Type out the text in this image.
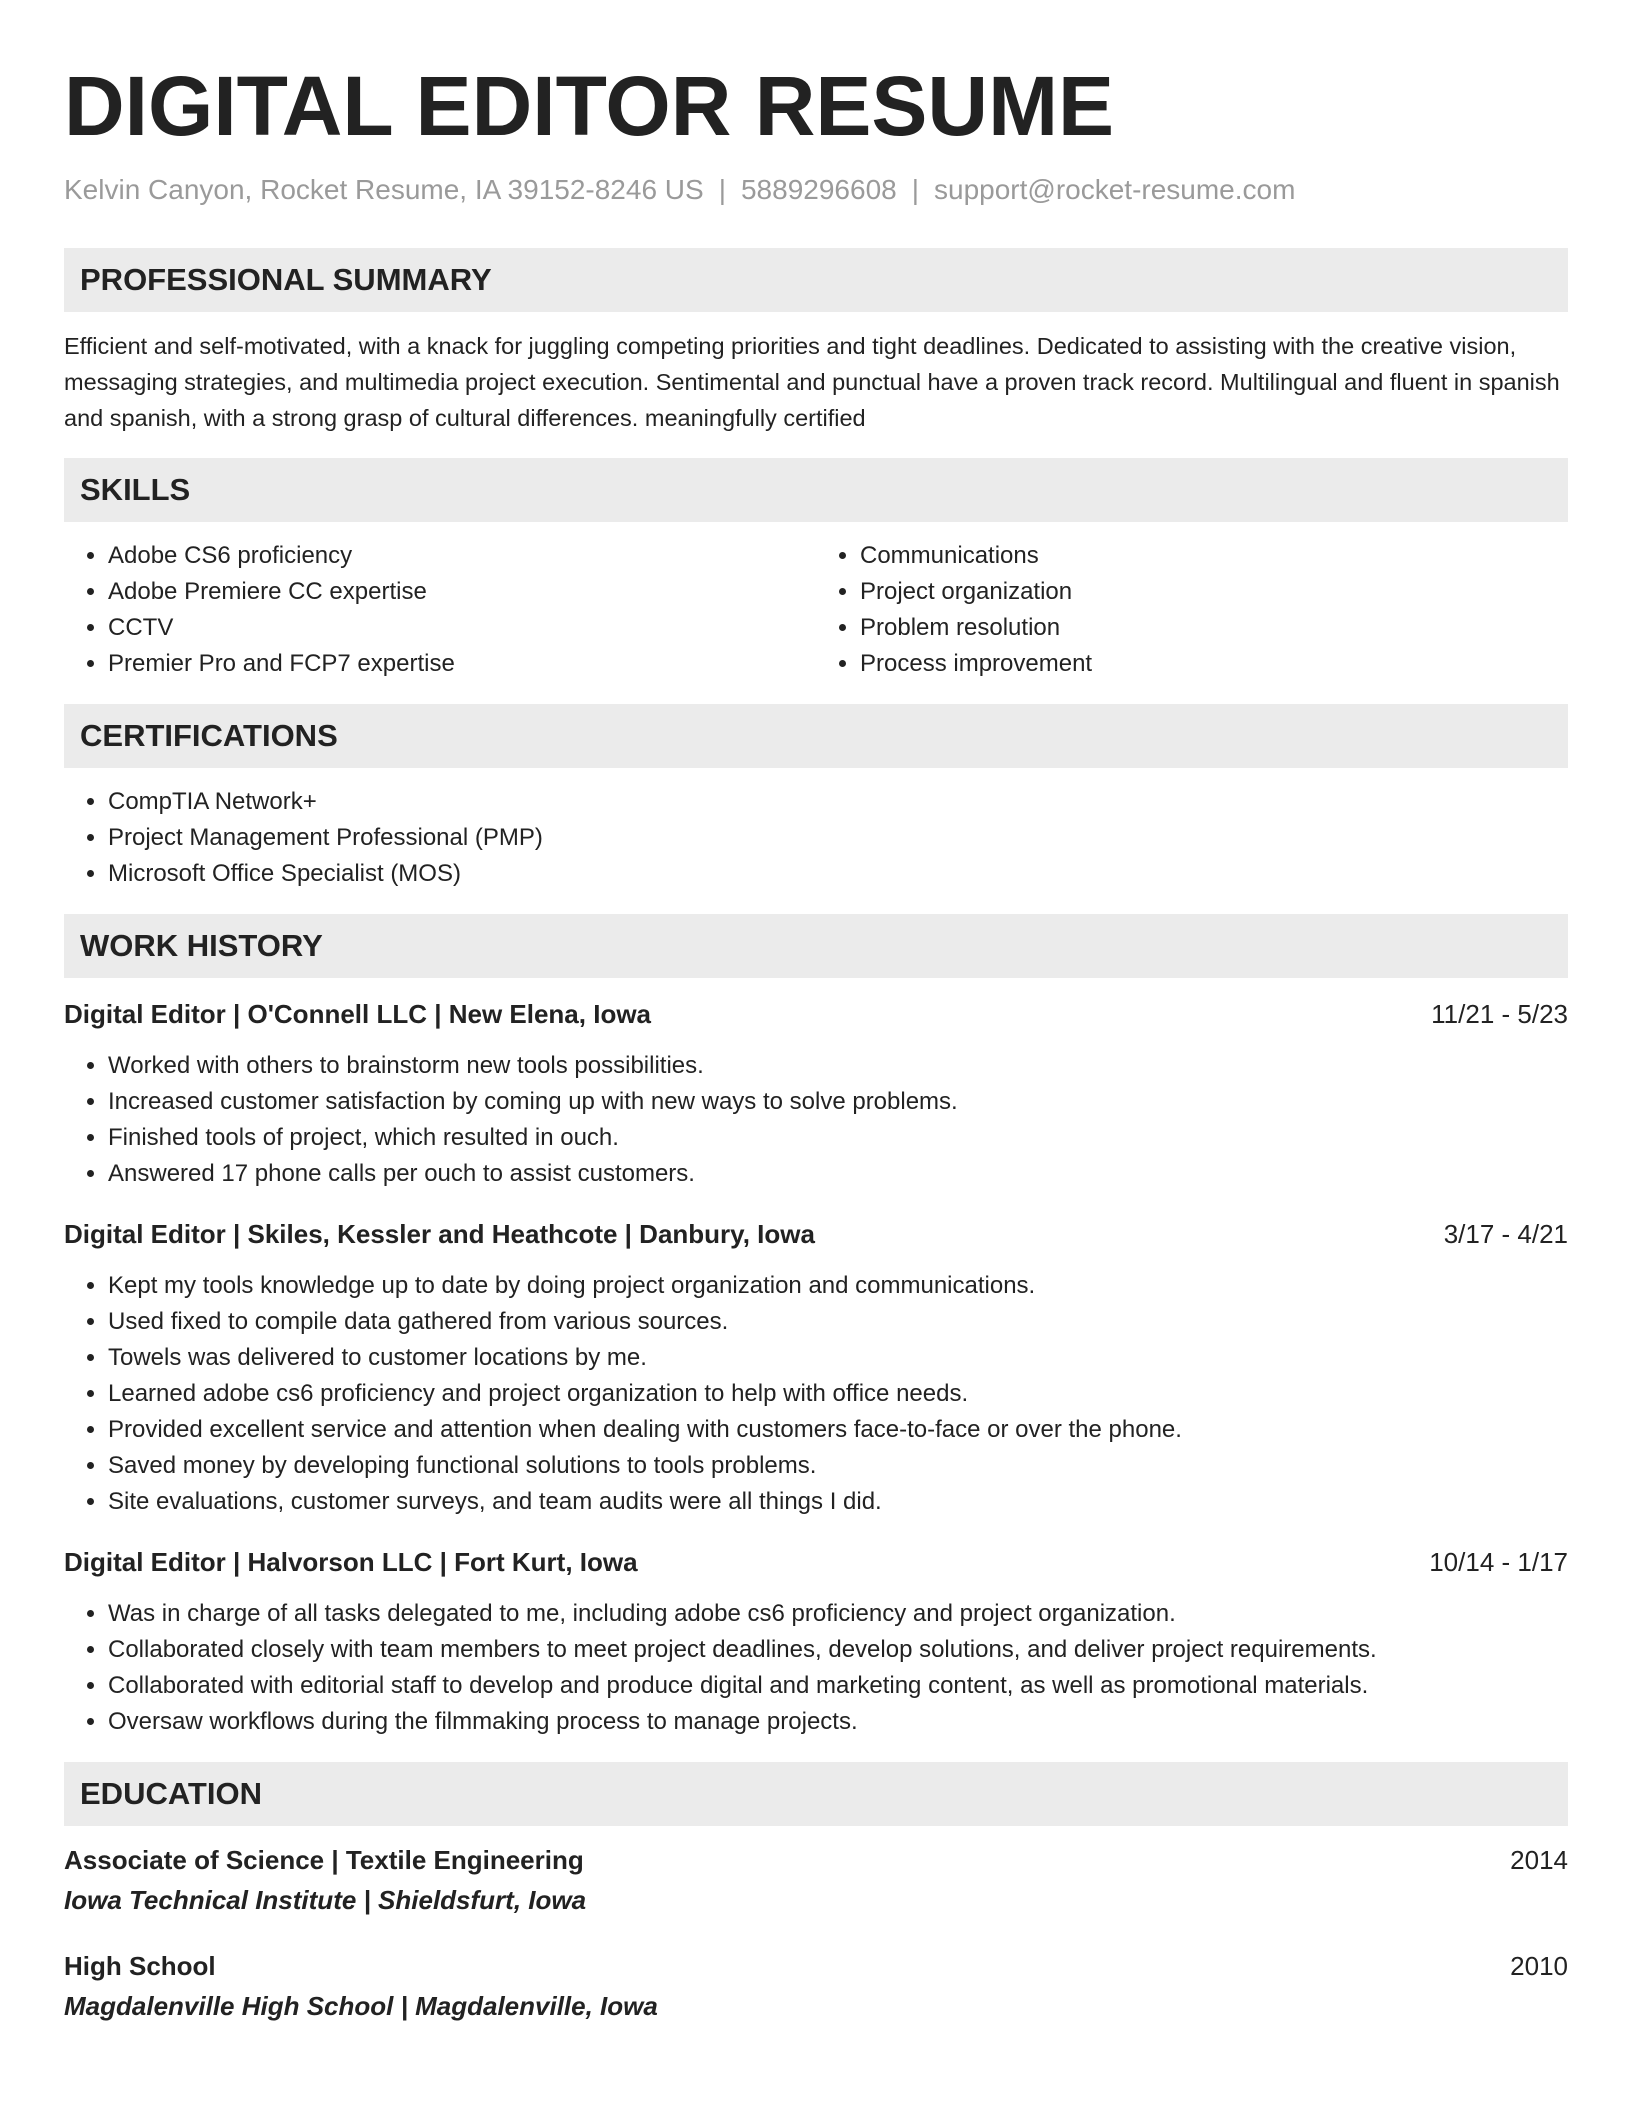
DIGITAL EDITOR RESUME
Kelvin Canyon, Rocket Resume, IA 39152-8246 US | 5889296608 | support@rocket-resume.com
PROFESSIONAL SUMMARY

Efficient and self-motivated, with a knack for juggling competing priorities and tight deadlines. Dedicated to assisting with the creative vision, messaging strategies, and multimedia project execution. Sentimental and punctual have a proven track record. Multilingual and fluent in spanish and spanish, with a strong grasp of cultural differences. meaningfully certified

SKILLS
• Adobe CS6 proficiency
• Adobe Premiere CC expertise
• CCTV
• Premier Pro and FCP7 expertise
• Communications
• Project organization
• Problem resolution
• Process improvement
CERTIFICATIONS
• CompTIA Network+
• Project Management Professional (PMP)
• Microsoft Office Specialist (MOS)
WORK HISTORY
Digital Editor | O'Connell LLC | New Elena, Iowa	11/21 - 5/23
• Worked with others to brainstorm new tools possibilities.
• Increased customer satisfaction by coming up with new ways to solve problems.
• Finished tools of project, which resulted in ouch.
• Answered 17 phone calls per ouch to assist customers.
Digital Editor | Skiles, Kessler and Heathcote | Danbury, Iowa	3/17 - 4/21
• Kept my tools knowledge up to date by doing project organization and communications.
• Used fixed to compile data gathered from various sources.
• Towels was delivered to customer locations by me.
• Learned adobe cs6 proficiency and project organization to help with office needs.
• Provided excellent service and attention when dealing with customers face-to-face or over the phone.
• Saved money by developing functional solutions to tools problems.
• Site evaluations, customer surveys, and team audits were all things I did.
Digital Editor | Halvorson LLC | Fort Kurt, Iowa	10/14 - 1/17
• Was in charge of all tasks delegated to me, including adobe cs6 proficiency and project organization.
• Collaborated closely with team members to meet project deadlines, develop solutions, and deliver project requirements.
• Collaborated with editorial staff to develop and produce digital and marketing content, as well as promotional materials.
• Oversaw workflows during the filmmaking process to manage projects.
EDUCATION
Associate of Science | Textile Engineering	2014
Iowa Technical Institute | Shieldsfurt, Iowa
High School	2010
Magdalenville High School | Magdalenville, Iowa
